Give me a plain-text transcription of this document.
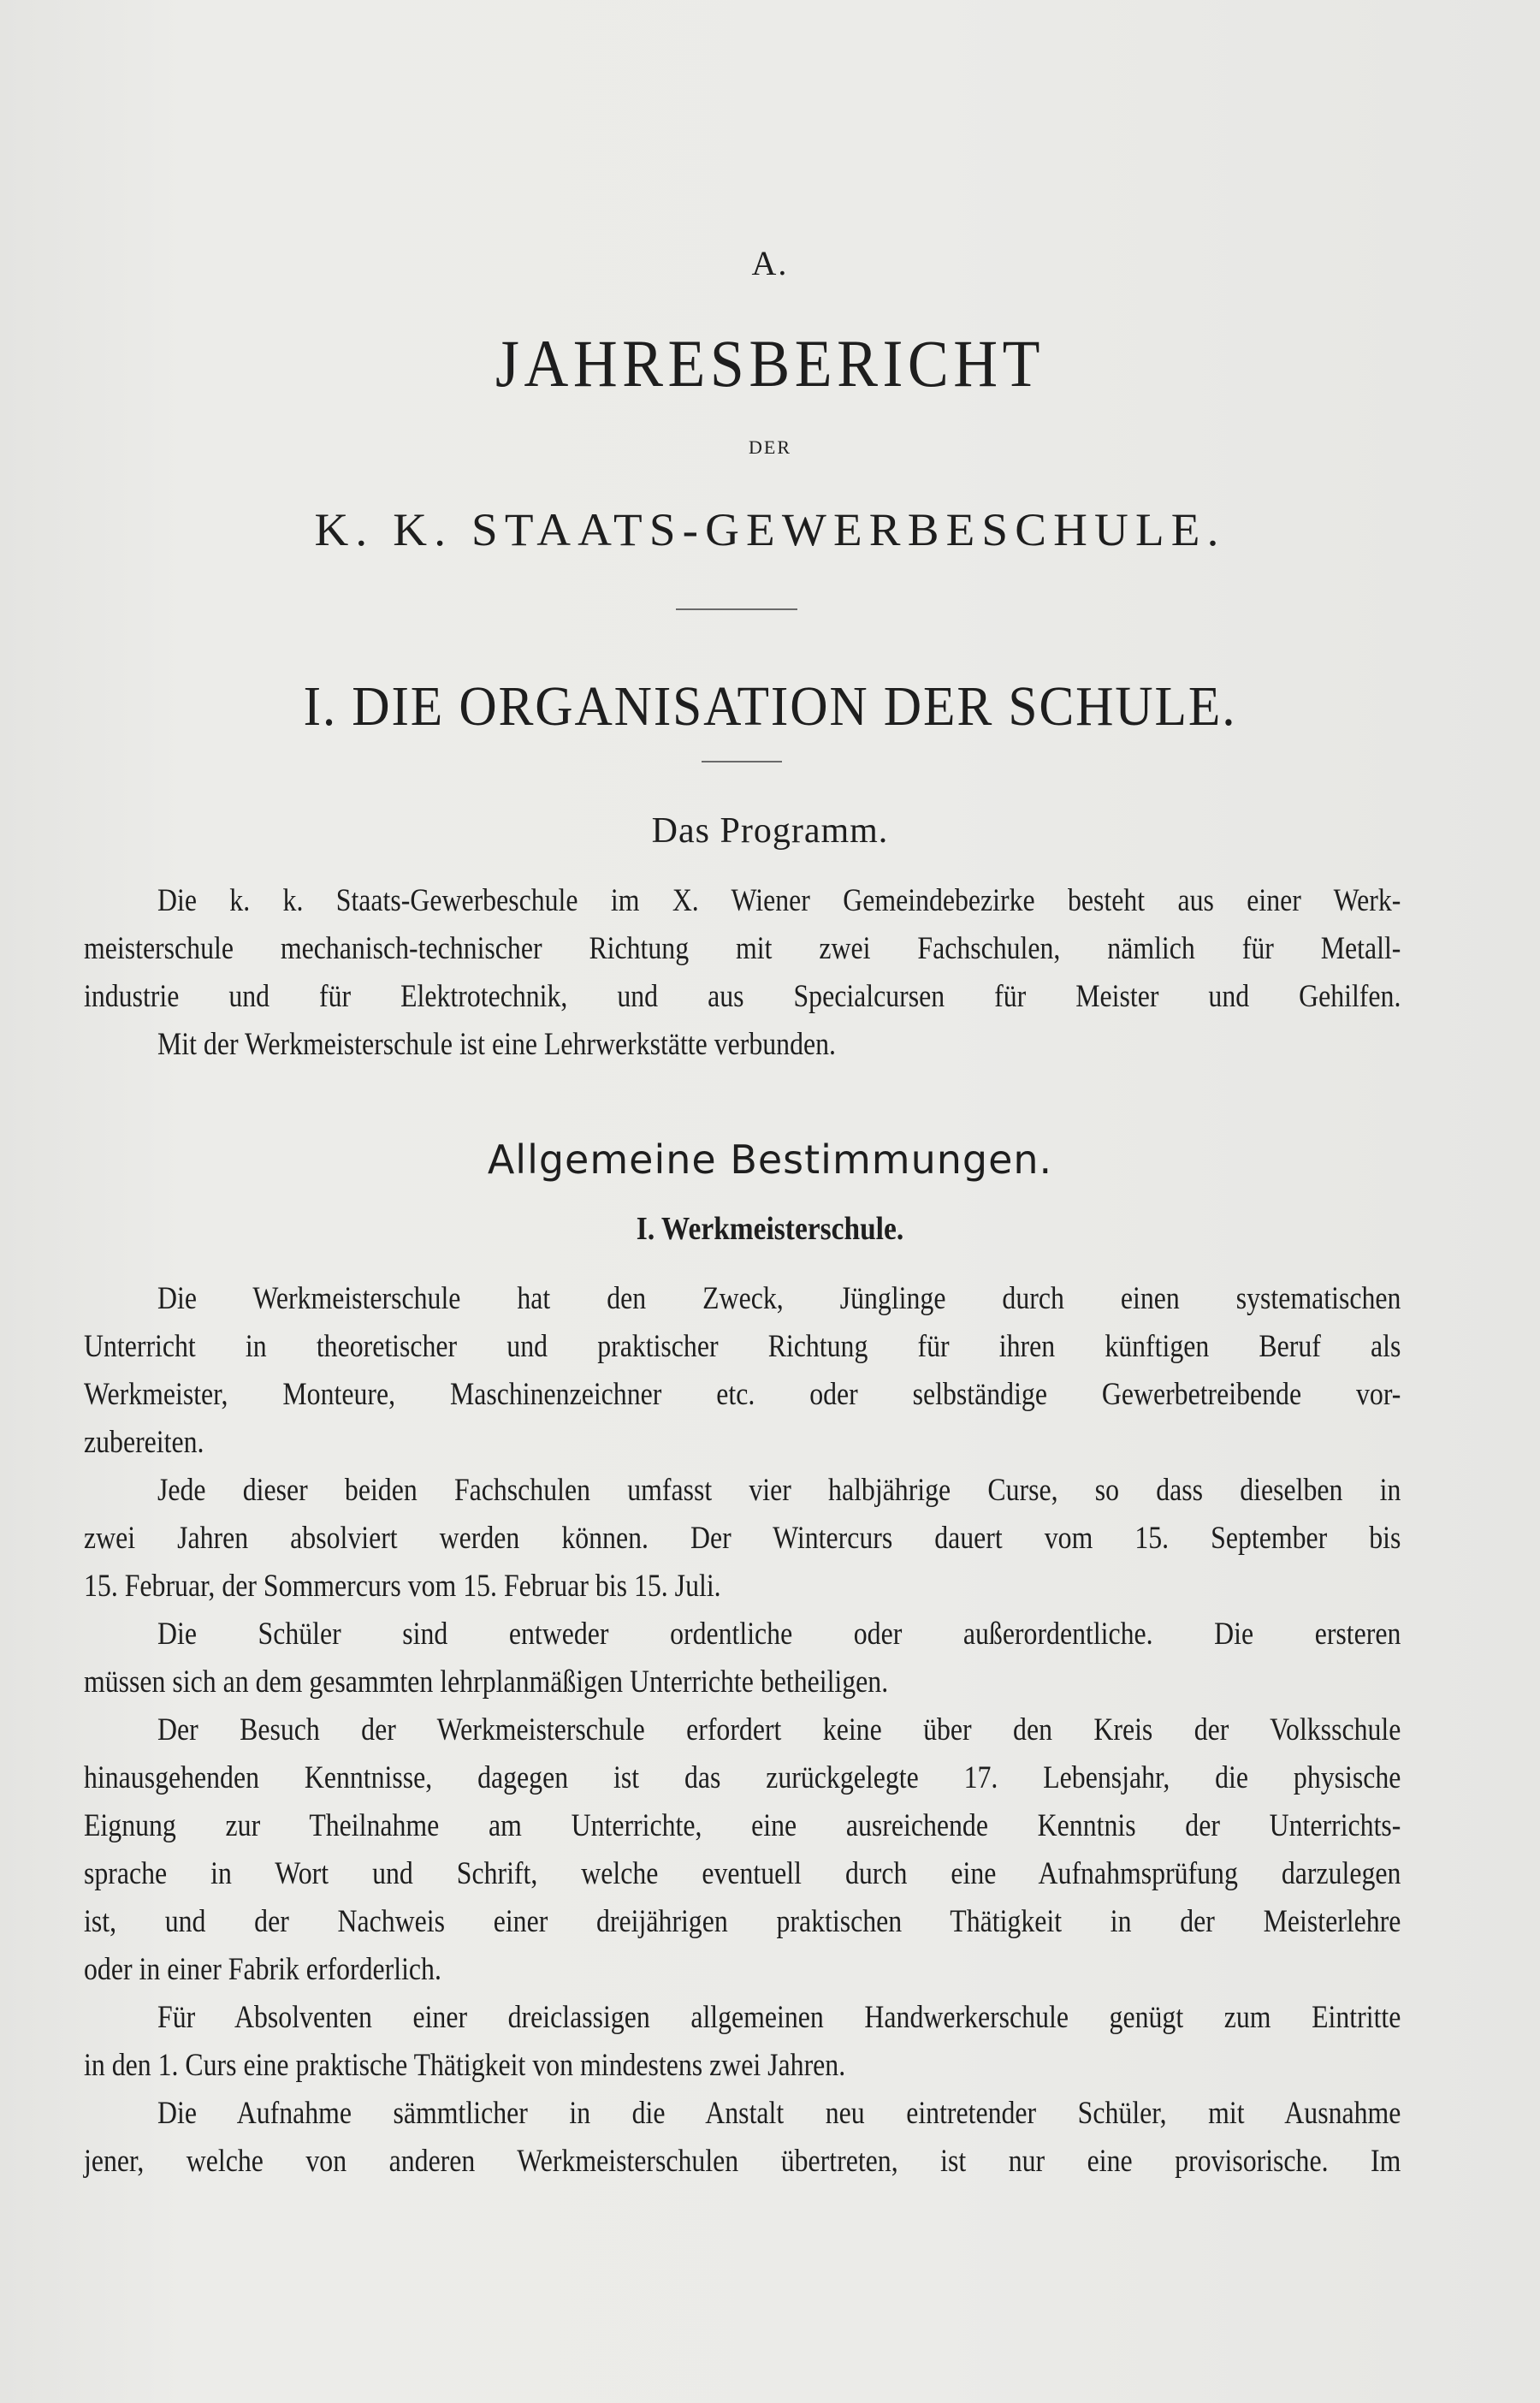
A.
JAHRESBERICHT
DER
K. K. STAATS-GEWERBESCHULE.
I. DIE ORGANISATION DER SCHULE.
Das Programm.
Die k. k. Staats-Gewerbeschule im X. Wiener Gemeindebezirke besteht aus einer Werk-
meisterschule mechanisch-technischer Richtung mit zwei Fachschulen, nämlich für Metall-
industrie und für Elektrotechnik, und aus Specialcursen für Meister und Gehilfen.
Mit der Werkmeisterschule ist eine Lehrwerkstätte verbunden.
Allgemeine Bestimmungen.
I. Werkmeisterschule.
Die Werkmeisterschule hat den Zweck, Jünglinge durch einen systematischen
Unterricht in theoretischer und praktischer Richtung für ihren künftigen Beruf als
Werkmeister, Monteure, Maschinenzeichner etc. oder selbständige Gewerbetreibende vor-
zubereiten.
Jede dieser beiden Fachschulen umfasst vier halbjährige Curse, so dass dieselben in
zwei Jahren absolviert werden können. Der Wintercurs dauert vom 15. September bis
15. Februar, der Sommercurs vom 15. Februar bis 15. Juli.
Die Schüler sind entweder ordentliche oder außerordentliche. Die ersteren
müssen sich an dem gesammten lehrplanmäßigen Unterrichte betheiligen.
Der Besuch der Werkmeisterschule erfordert keine über den Kreis der Volksschule
hinausgehenden Kenntnisse, dagegen ist das zurückgelegte 17. Lebensjahr, die physische
Eignung zur Theilnahme am Unterrichte, eine ausreichende Kenntnis der Unterrichts-
sprache in Wort und Schrift, welche eventuell durch eine Aufnahmsprüfung darzulegen
ist, und der Nachweis einer dreijährigen praktischen Thätigkeit in der Meisterlehre
oder in einer Fabrik erforderlich.
Für Absolventen einer dreiclassigen allgemeinen Handwerkerschule genügt zum Eintritte
in den 1. Curs eine praktische Thätigkeit von mindestens zwei Jahren.
Die Aufnahme sämmtlicher in die Anstalt neu eintretender Schüler, mit Ausnahme
jener, welche von anderen Werkmeisterschulen übertreten, ist nur eine provisorische. Im
